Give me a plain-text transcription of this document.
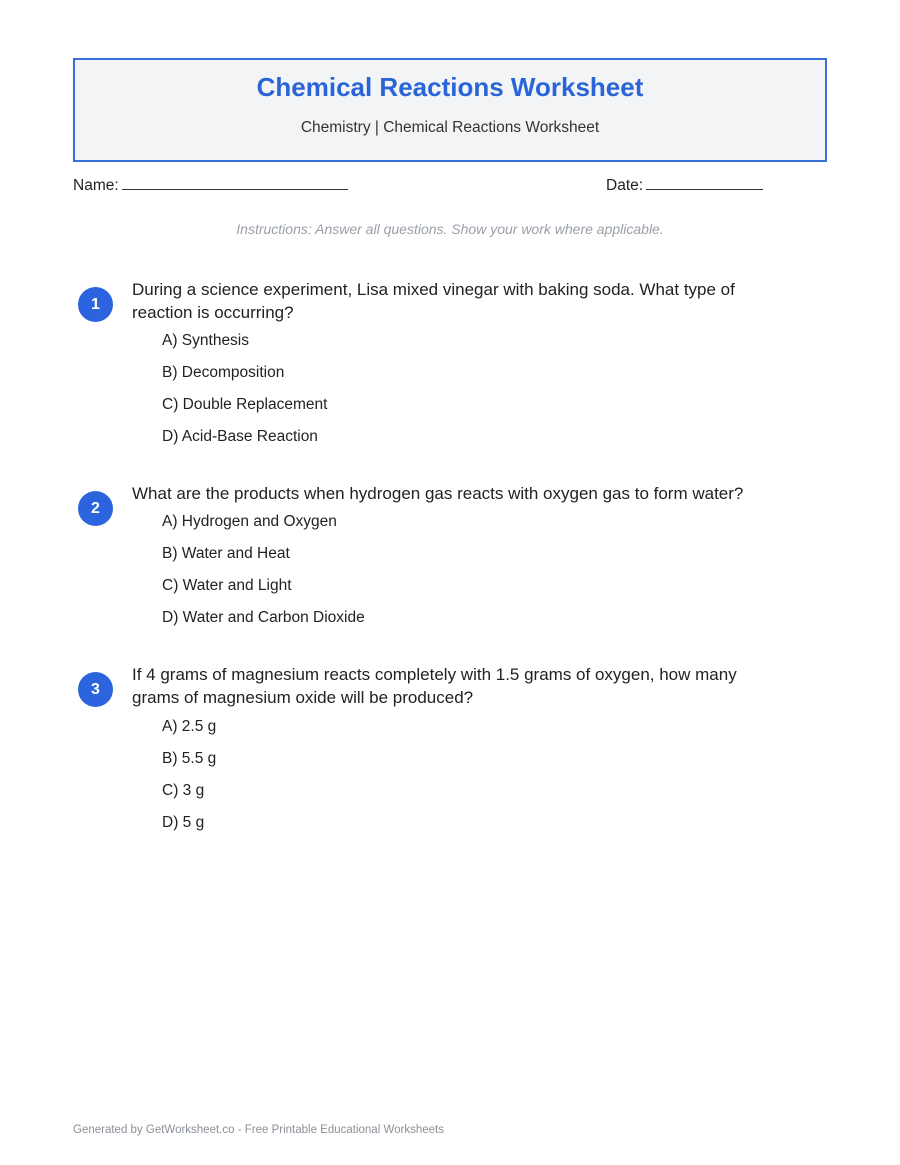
Chemical Reactions Worksheet
Chemistry | Chemical Reactions Worksheet
Name:	Date:
Instructions: Answer all questions. Show your work where applicable.
1
During a science experiment, Lisa mixed vinegar with baking soda. What type of reaction is occurring?
A) Synthesis
B) Decomposition
C) Double Replacement
D) Acid-Base Reaction
2
What are the products when hydrogen gas reacts with oxygen gas to form water?
A) Hydrogen and Oxygen
B) Water and Heat
C) Water and Light
D) Water and Carbon Dioxide
3
If 4 grams of magnesium reacts completely with 1.5 grams of oxygen, how many grams of magnesium oxide will be produced?
A) 2.5 g
B) 5.5 g
C) 3 g
D) 5 g
Generated by GetWorksheet.co - Free Printable Educational Worksheets
